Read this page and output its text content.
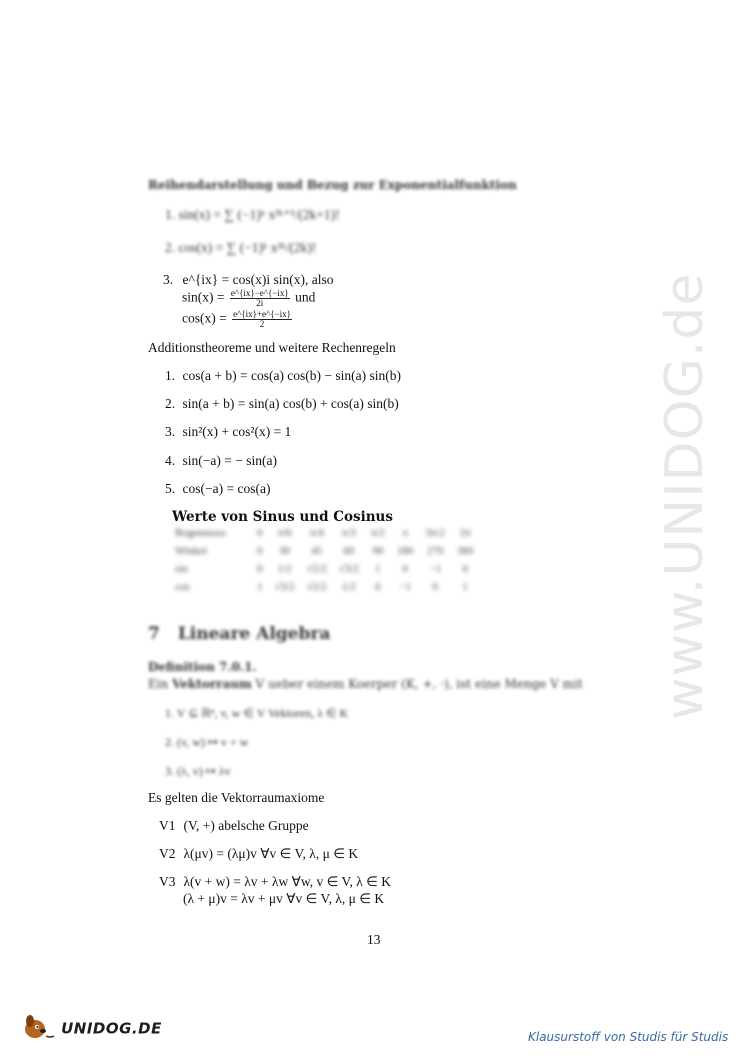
www.UNIDOG.de
Reihendarstellung und Bezug zur Exponentialfunktion
1. sin(x) = ∑ (−1)ᵏ x²ᵏ⁺¹/(2k+1)!
2. cos(x) = ∑ (−1)ᵏ x²ᵏ/(2k)!
3. e^{ix} = cos(x)i sin(x), also
$\sin(x) = \frac{e\^{}\{ix\}-e\^{}\{-ix\}}{2i}$ und
$\cos(x) = \frac{e\^{}\{ix\}+e\^{}\{-ix\}}{2}$
Additionstheoreme und weitere Rechenregeln
1. cos(a + b) = cos(a) cos(b) − sin(a) sin(b)
2. sin(a + b) = sin(a) cos(b) + cos(a) sin(b)
3. sin²(x) + cos²(x) = 1
4. sin(−a) = − sin(a)
5. cos(−a) = cos(a)
Werte von Sinus und Cosinus
Bogenmass	0	π/6	π/4	π/3	π/2	π	3π/2	2π
Winkel	0	30	45	60	90	180	270	360
sin	0	1/2	√2/2	√3/2	1	0	−1	0
cos	1	√3/2	√2/2	1/2	0	−1	0	1
7 Lineare Algebra
Definition 7.0.1.
Ein Vektorraum V ueber einem Koerper (K, +, ·), ist eine Menge V mit
1. V ⊆ ℝⁿ, v, w ∈ V Vektoren, λ ∈ K
2. (v, w) ↦ v + w
3. (λ, v) ↦ λv
Es gelten die Vektorraumaxiome
V1 (V, +) abelsche Gruppe
V2 λ(μv) = (λμ)v ∀v ∈ V, λ, μ ∈ K
V3 λ(v + w) = λv + λw ∀w, v ∈ V, λ ∈ K
(λ + μ)v = λv + μv ∀v ∈ V, λ, μ ∈ K
13
UNIDOG.DE	Klausurstoff von Studis für Studis
